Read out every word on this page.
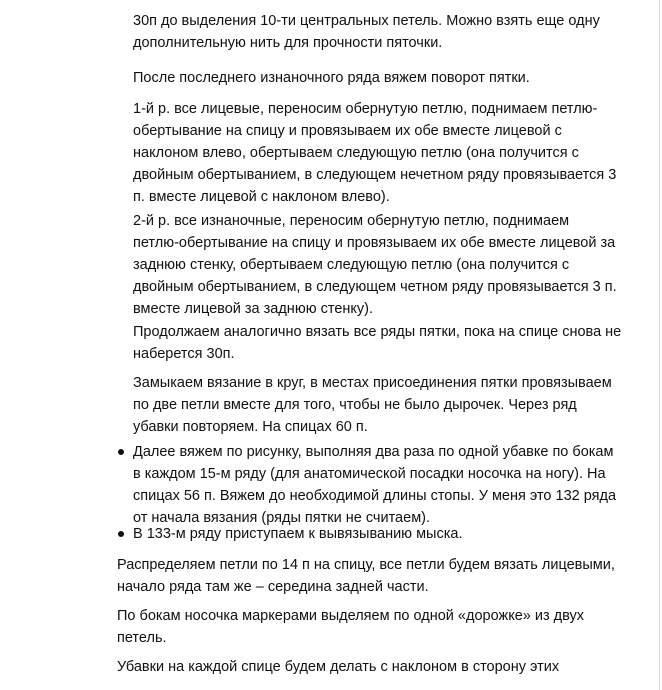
30п до выделения 10-ти центральных петель. Можно взять еще одну
дополнительную нить для прочности пяточки.
После последнего изнаночного ряда вяжем поворот пятки.
1-й р. все лицевые, переносим обернутую петлю, поднимаем петлю-
обертывание на спицу и провязываем их обе вместе лицевой с
наклоном влево, обертываем следующую петлю (она получится с
двойным обертыванием, в следующем нечетном ряду провязывается 3
п. вместе лицевой с наклоном влево).
2-й р. все изнаночные, переносим обернутую петлю, поднимаем
петлю-обертывание на спицу и провязываем их обе вместе лицевой за
заднюю стенку, обертываем следующую петлю (она получится с
двойным обертыванием, в следующем четном ряду провязывается 3 п.
вместе лицевой за заднюю стенку).
Продолжаем аналогично вязать все ряды пятки, пока на спице снова не
наберется 30п.
Замыкаем вязание в круг, в местах присоединения пятки провязываем
по две петли вместе для того, чтобы не было дырочек. Через ряд
убавки повторяем. На спицах 60 п.
Далее вяжем по рисунку, выполняя два раза по одной убавке по бокам
в каждом 15-м ряду (для анатомической посадки носочка на ногу). На
спицах 56 п. Вяжем до необходимой длины стопы. У меня это 132 ряда
от начала вязания (ряды пятки не считаем).
В 133-м ряду приступаем к вывязыванию мыска.
Распределяем петли по 14 п на спицу, все петли будем вязать лицевыми,
начало ряда там же – середина задней части.
По бокам носочка маркерами выделяем по одной «дорожке» из двух
петель.
Убавки на каждой спице будем делать с наклоном в сторону этих
